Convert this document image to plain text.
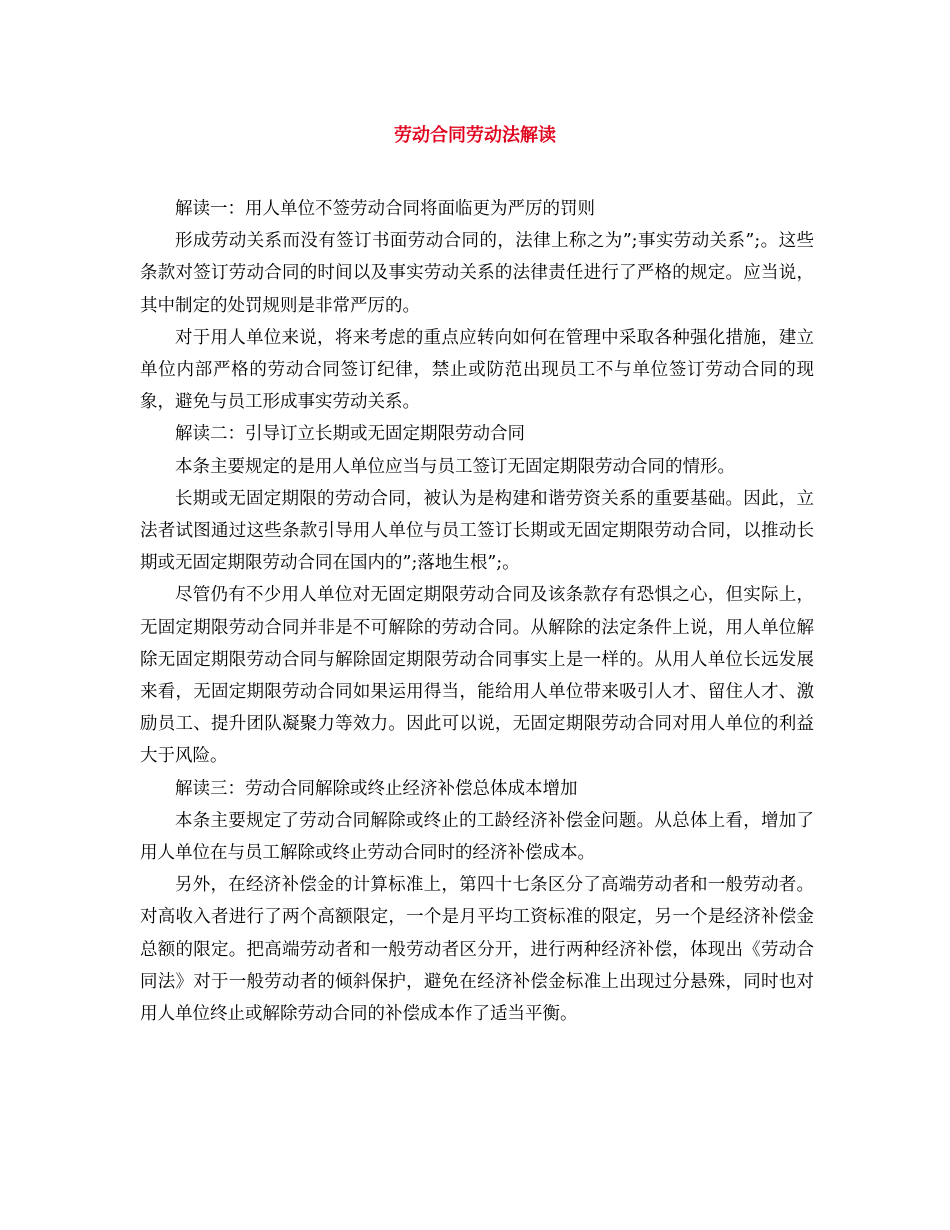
劳动合同劳动法解读

解读一：用人单位不签劳动合同将面临更为严厉的罚则

形成劳动关系而没有签订书面劳动合同的，法律上称之为”;事实劳动关系”;。这些条款对签订劳动合同的时间以及事实劳动关系的法律责任进行了严格的规定。应当说，其中制定的处罚规则是非常严厉的。

对于用人单位来说，将来考虑的重点应转向如何在管理中采取各种强化措施，建立单位内部严格的劳动合同签订纪律，禁止或防范出现员工不与单位签订劳动合同的现象，避免与员工形成事实劳动关系。

解读二：引导订立长期或无固定期限劳动合同

本条主要规定的是用人单位应当与员工签订无固定期限劳动合同的情形。

长期或无固定期限的劳动合同，被认为是构建和谐劳资关系的重要基础。因此，立法者试图通过这些条款引导用人单位与员工签订长期或无固定期限劳动合同，以推动长期或无固定期限劳动合同在国内的”;落地生根”;。

尽管仍有不少用人单位对无固定期限劳动合同及该条款存有恐惧之心，但实际上，无固定期限劳动合同并非是不可解除的劳动合同。从解除的法定条件上说，用人单位解除无固定期限劳动合同与解除固定期限劳动合同事实上是一样的。从用人单位长远发展来看，无固定期限劳动合同如果运用得当，能给用人单位带来吸引人才、留住人才、激励员工、提升团队凝聚力等效力。因此可以说，无固定期限劳动合同对用人单位的利益大于风险。

解读三：劳动合同解除或终止经济补偿总体成本增加

本条主要规定了劳动合同解除或终止的工龄经济补偿金问题。从总体上看，增加了用人单位在与员工解除或终止劳动合同时的经济补偿成本。

另外，在经济补偿金的计算标准上，第四十七条区分了高端劳动者和一般劳动者。对高收入者进行了两个高额限定，一个是月平均工资标准的限定，另一个是经济补偿金总额的限定。把高端劳动者和一般劳动者区分开，进行两种经济补偿，体现出《劳动合同法》对于一般劳动者的倾斜保护，避免在经济补偿金标准上出现过分悬殊，同时也对用人单位终止或解除劳动合同的补偿成本作了适当平衡。
